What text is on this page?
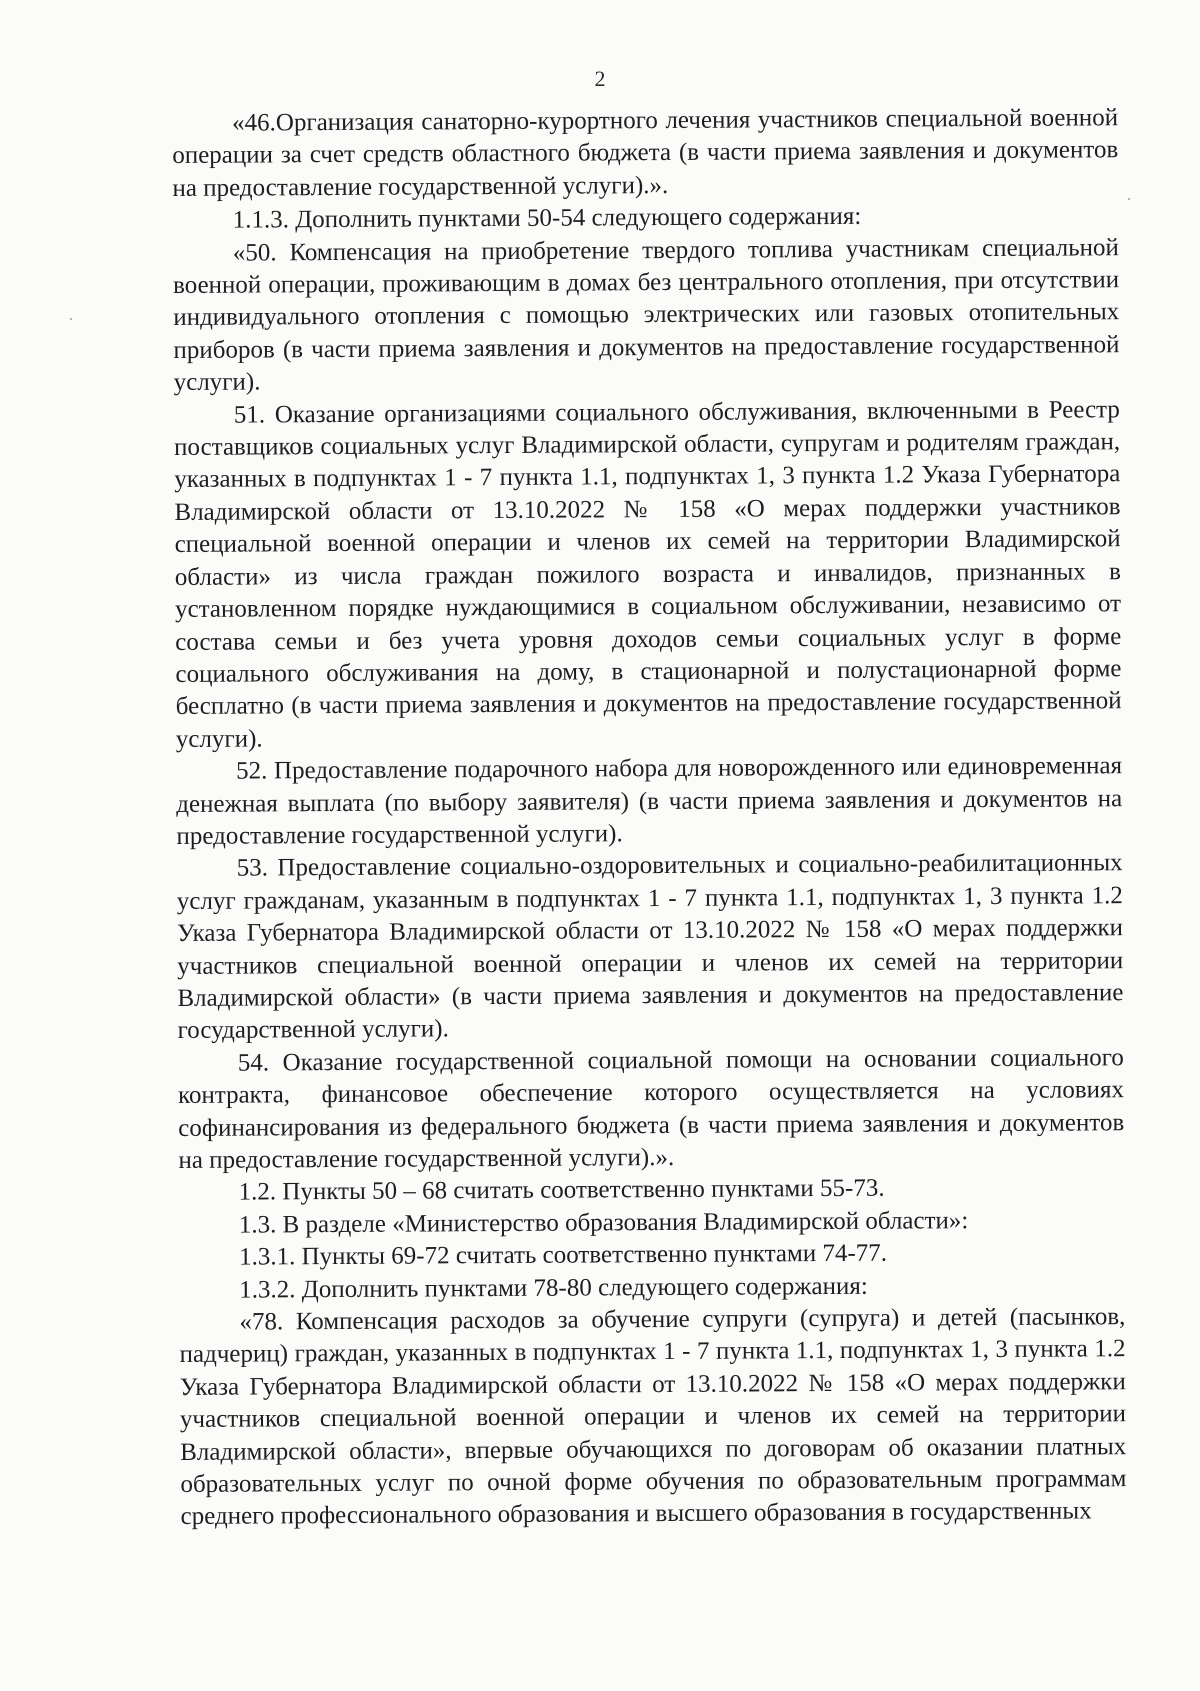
2

«46.Организация санаторно-курортного лечения участников специальной военной операции за счет средств областного бюджета (в части приема заявления и документов на предоставление государственной услуги).».

1.1.3. Дополнить пунктами 50-54 следующего содержания:

«50. Компенсация на приобретение твердого топлива участникам специальной военной операции, проживающим в домах без центрального отопления, при отсутствии индивидуального отопления с помощью электрических или газовых отопительных приборов (в части приема заявления и документов на предоставление государственной услуги).

51. Оказание организациями социального обслуживания, включенными в Реестр поставщиков социальных услуг Владимирской области, супругам и родителям граждан, указанных в подпунктах 1 - 7 пункта 1.1, подпунктах 1, 3 пункта 1.2 Указа Губернатора Владимирской области от 13.10.2022 № 158 «О мерах поддержки участников специальной военной операции и членов их семей на территории Владимирской области» из числа граждан пожилого возраста и инвалидов, признанных в установленном порядке нуждающимися в социальном обслуживании, независимо от состава семьи и без учета уровня доходов семьи социальных услуг в форме социального обслуживания на дому, в стационарной и полустационарной форме бесплатно (в части приема заявления и документов на предоставление государственной услуги).

52. Предоставление подарочного набора для новорожденного или единовременная денежная выплата (по выбору заявителя) (в части приема заявления и документов на предоставление государственной услуги).

53. Предоставление социально-оздоровительных и социально-реабилитационных услуг гражданам, указанным в подпунктах 1 - 7 пункта 1.1, подпунктах 1, 3 пункта 1.2 Указа Губернатора Владимирской области от 13.10.2022 № 158 «О мерах поддержки участников специальной военной операции и членов их семей на территории Владимирской области» (в части приема заявления и документов на предоставление государственной услуги).

54. Оказание государственной социальной помощи на основании социального контракта, финансовое обеспечение которого осуществляется на условиях софинансирования из федерального бюджета (в части приема заявления и документов на предоставление государственной услуги).».

1.2. Пункты 50 – 68 считать соответственно пунктами 55-73.

1.3. В разделе «Министерство образования Владимирской области»:

1.3.1. Пункты 69-72 считать соответственно пунктами 74-77.

1.3.2. Дополнить пунктами 78-80 следующего содержания:

«78. Компенсация расходов за обучение супруги (супруга) и детей (пасынков, падчериц) граждан, указанных в подпунктах 1 - 7 пункта 1.1, подпунктах 1, 3 пункта 1.2 Указа Губернатора Владимирской области от 13.10.2022 № 158 «О мерах поддержки участников специальной военной операции и членов их семей на территории Владимирской области», впервые обучающихся по договорам об оказании платных образовательных услуг по очной форме обучения по образовательным программам среднего профессионального образования и высшего образования в государственных
